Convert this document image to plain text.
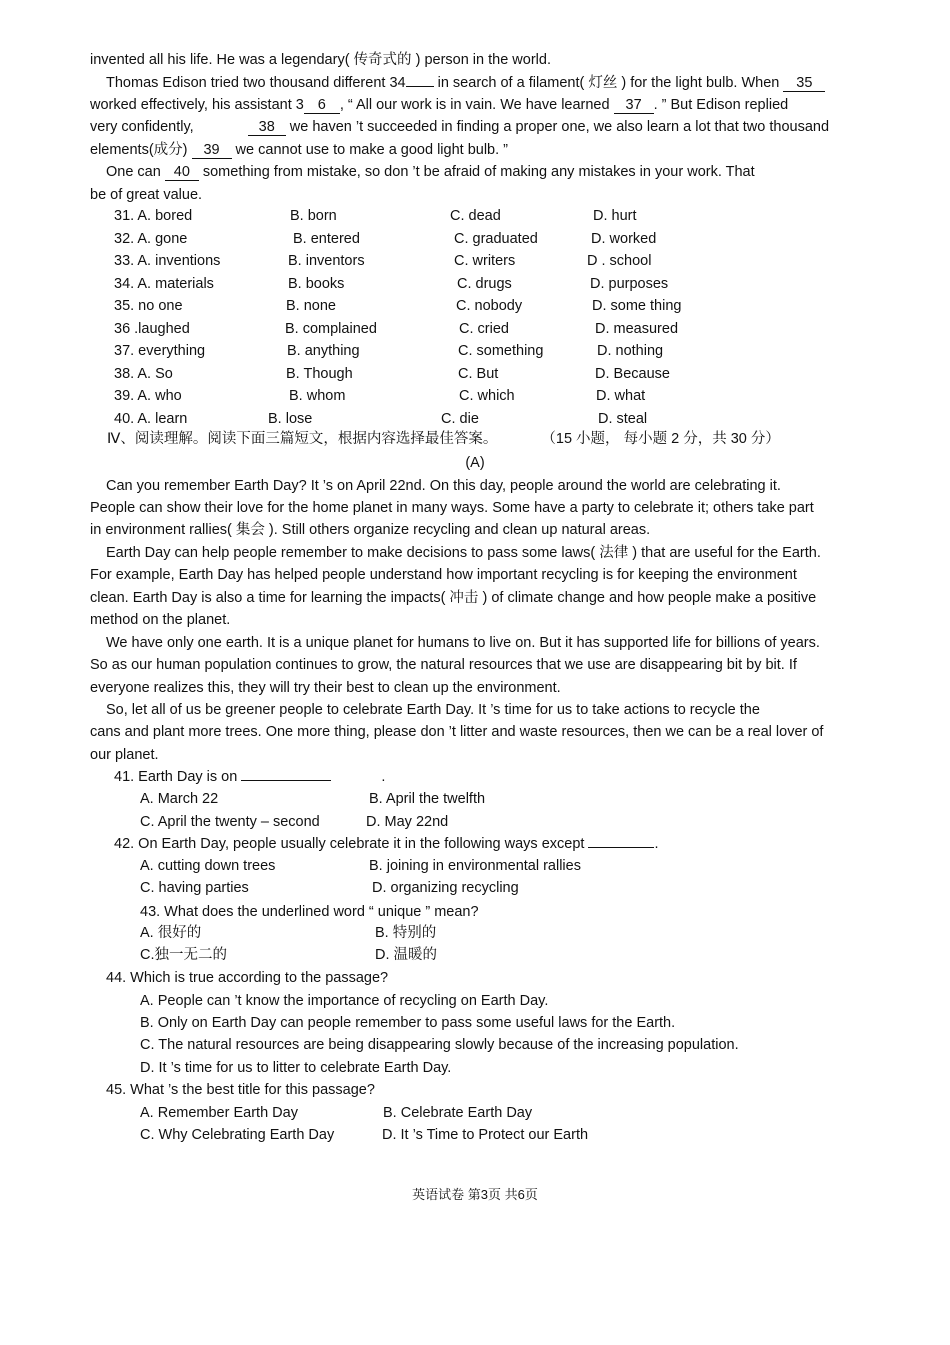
invented all his life. He was a legendary( 传奇式的 ) person in the world.
Thomas Edison tried two thousand different 34 in search of a filament( 灯丝 ) for the light bulb. When 35
worked effectively, his assistant 3 6 , “ All our work is in vain. We have learned 37 . ” But Edison replied
very confidently,	38 we haven ’t succeeded in finding a proper one, we also learn a lot that two thousand
elements(成分) 39 we cannot use to make a good light bulb. ”
One can 40 something from mistake, so don ’t be afraid of making any mistakes in your work. That
be of great value.
31. A. bored	B. born	C. dead	D. hurt
32. A. gone	B. entered	C. graduated	D. worked
33. A. inventions	B. inventors	C. writers	D . school
34. A. materials	B. books	C. drugs	D. purposes
35. no one	B. none	C. nobody	D. some thing
36 .laughed	B. complained	C. cried	D. measured
37. everything	B. anything	C. something	D. nothing
38. A. So	B. Though	C. But	D. Because
39. A. who	B. whom	C. which	D. what
40. A. learn	B. lose	C. die	D. steal
Ⅳ、阅读理解。阅读下面三篇短文，根据内容选择最佳答案。	（15 小题， 每小题 2 分，共 30 分）
(A)
Can you remember Earth Day? It ’s on April 22nd. On this day, people around the world are celebrating it.
People can show their love for the home planet in many ways. Some have a party to celebrate it; others take part
in environment rallies( 集会 ). Still others organize recycling and clean up natural areas.
Earth Day can help people remember to make decisions to pass some laws( 法律 ) that are useful for the Earth.
For example, Earth Day has helped people understand how important recycling is for keeping the environment
clean. Earth Day is also a time for learning the impacts( 冲击 ) of climate change and how people make a positive
method on the planet.
We have only one earth. It is a unique planet for humans to live on. But it has supported life for billions of years.
So as our human population continues to grow, the natural resources that we use are disappearing bit by bit. If
everyone realizes this, they will try their best to clean up the environment.
So, let all of us be greener people to celebrate Earth Day. It ’s time for us to take actions to recycle the
cans and plant more trees. One more thing, please don ’t litter and waste resources, then we can be a real lover of
our planet.
41. Earth Day is on	.
42. On Earth Day, people usually celebrate it in the following ways except	.
43. What does the underlined word “ unique ” mean?
44. Which is true according to the passage?
45. What ’s the best title for this passage?
A. March 22	B. April the twelfth
C. April the twenty – second	D. May 22nd
A. cutting down trees	B. joining in environmental rallies
C. having parties	D. organizing recycling
A. 很好的	B. 特别的
C.独一无二的	D. 温暖的
A. People can ’t know the importance of recycling on Earth Day.
B. Only on Earth Day can people remember to pass some useful laws for the Earth.
C. The natural resources are being disappearing slowly because of the increasing population.
D. It ’s time for us to litter to celebrate Earth Day.
A. Remember Earth Day	B. Celebrate Earth Day
C. Why Celebrating Earth Day	D. It ’s Time to Protect our Earth
英语试卷 第3页 共6页
